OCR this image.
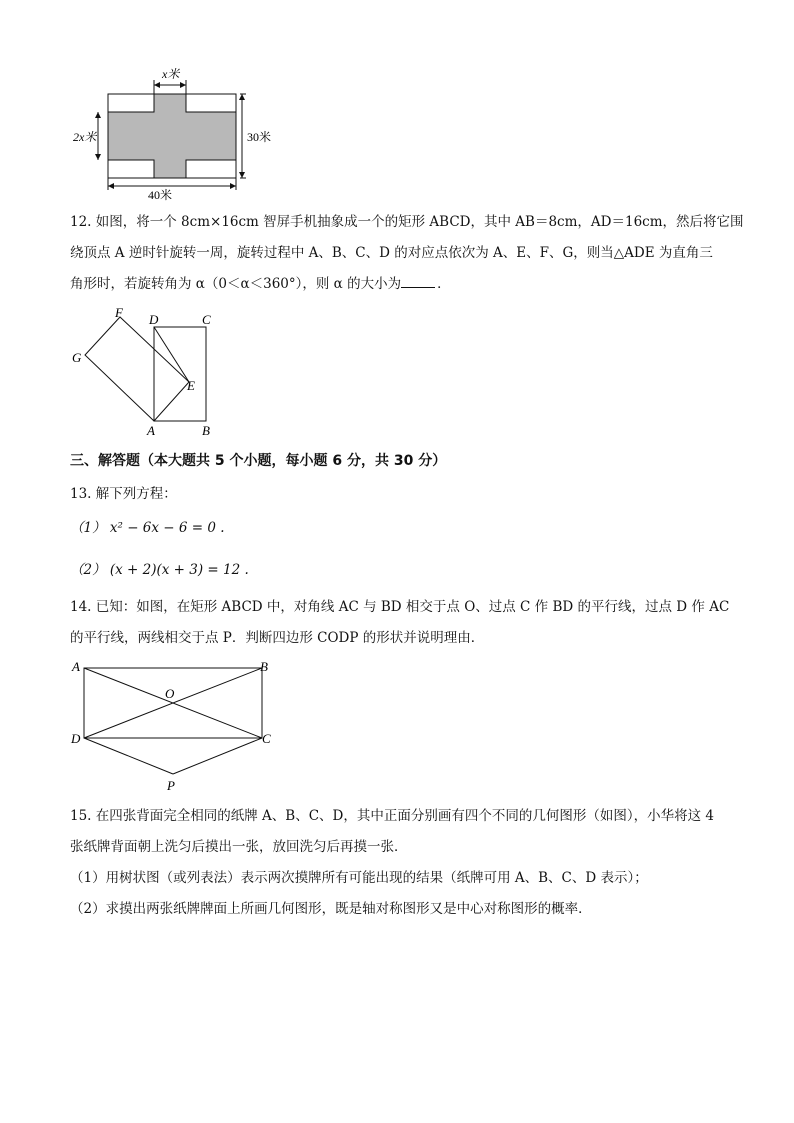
x米
2x米	30米
40米
12. 如图，将一个 8cm×16cm 智屏手机抽象成一个的矩形 ABCD，其中 AB＝8cm，AD＝16cm，然后将它围
绕顶点 A 逆时针旋转一周，旋转过程中 A、B、C、D 的对应点依次为 A、E、F、G，则当△ADE 为直角三
角形时，若旋转角为 α（0＜α＜360°），则 α 的大小为	．
F D	C
G
E
A	B
三、解答题（本大题共 5 个小题，每小题 6 分，共 30 分）
13. 解下列方程：
（1） x² − 6x − 6 = 0 .
（2） (x + 2)(x + 3) = 12 .
14. 已知：如图，在矩形 ABCD 中，对角线 AC 与 BD 相交于点 O、过点 C 作 BD 的平行线，过点 D 作 AC
的平行线，两线相交于点 P．判断四边形 CODP 的形状并说明理由．
A	B
O
D	C
P
15. 在四张背面完全相同的纸牌 A、B、C、D，其中正面分别画有四个不同的几何图形（如图），小华将这 4
张纸牌背面朝上洗匀后摸出一张，放回洗匀后再摸一张．
（1）用树状图（或列表法）表示两次摸牌所有可能出现的结果（纸牌可用 A、B、C、D 表示）；
（2）求摸出两张纸牌牌面上所画几何图形，既是轴对称图形又是中心对称图形的概率．
